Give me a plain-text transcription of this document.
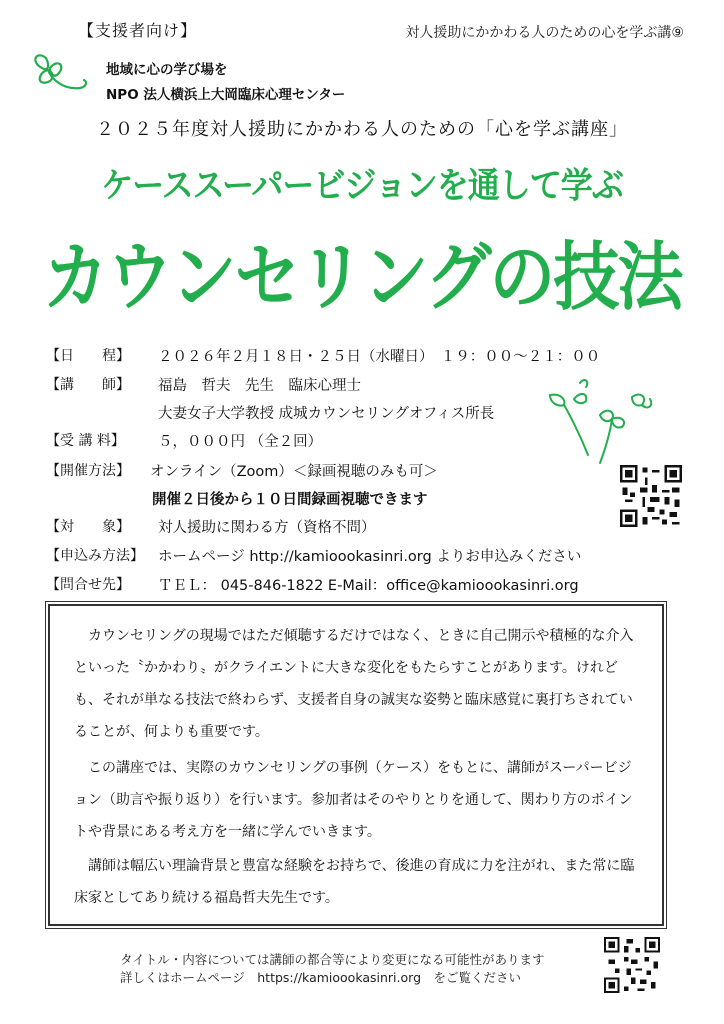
【支援者向け】	対人援助にかかわる人のための心を学ぶ講⑨
地域に心の学び場を
NPO 法人横浜上大岡臨床心理センター
２０２５年度対人援助にかかわる人のための「心を学ぶ講座」
ケーススーパービジョンを通して学ぶ
カウンセリングの技法
【日　　程】 ２０２６年２月１８日・２５日（水曜日）　１９：００～２１：００
【講　　師】 福島　哲夫　先生　臨床心理士
大妻女子大学教授 成城カウンセリングオフィス所長
【受 講 料】 ５，０００円 （全２回）
【開催方法】 オンライン（Zoom）＜録画視聴のみも可＞
開催２日後から１０日間録画視聴できます
【対　　象】 対人援助に関わる方（資格不問）
【申込み方法】 ホームページ http://kamioookasinri.org よりお申込みください
【問合せ先】 ＴＥＬ： 045-846-1822 E-Mail：office@kamioookasinri.org

カウンセリングの現場ではただ傾聴するだけではなく、ときに自己開示や積極的な介入といった〝かかわり〟がクライエントに大きな変化をもたらすことがあります。けれども、それが単なる技法で終わらず、支援者自身の誠実な姿勢と臨床感覚に裏打ちされていることが、何よりも重要です。

この講座では、実際のカウンセリングの事例（ケース）をもとに、講師がスーパービジョン（助言や振り返り）を行います。参加者はそのやりとりを通して、関わり方のポイントや背景にある考え方を一緒に学んでいきます。

講師は幅広い理論背景と豊富な経験をお持ちで、後進の育成に力を注がれ、また常に臨床家としてあり続ける福島哲夫先生です。

タイトル・内容については講師の都合等により変更になる可能性があります
詳しくはホームページ　https://kamioookasinri.org　をご覧ください
